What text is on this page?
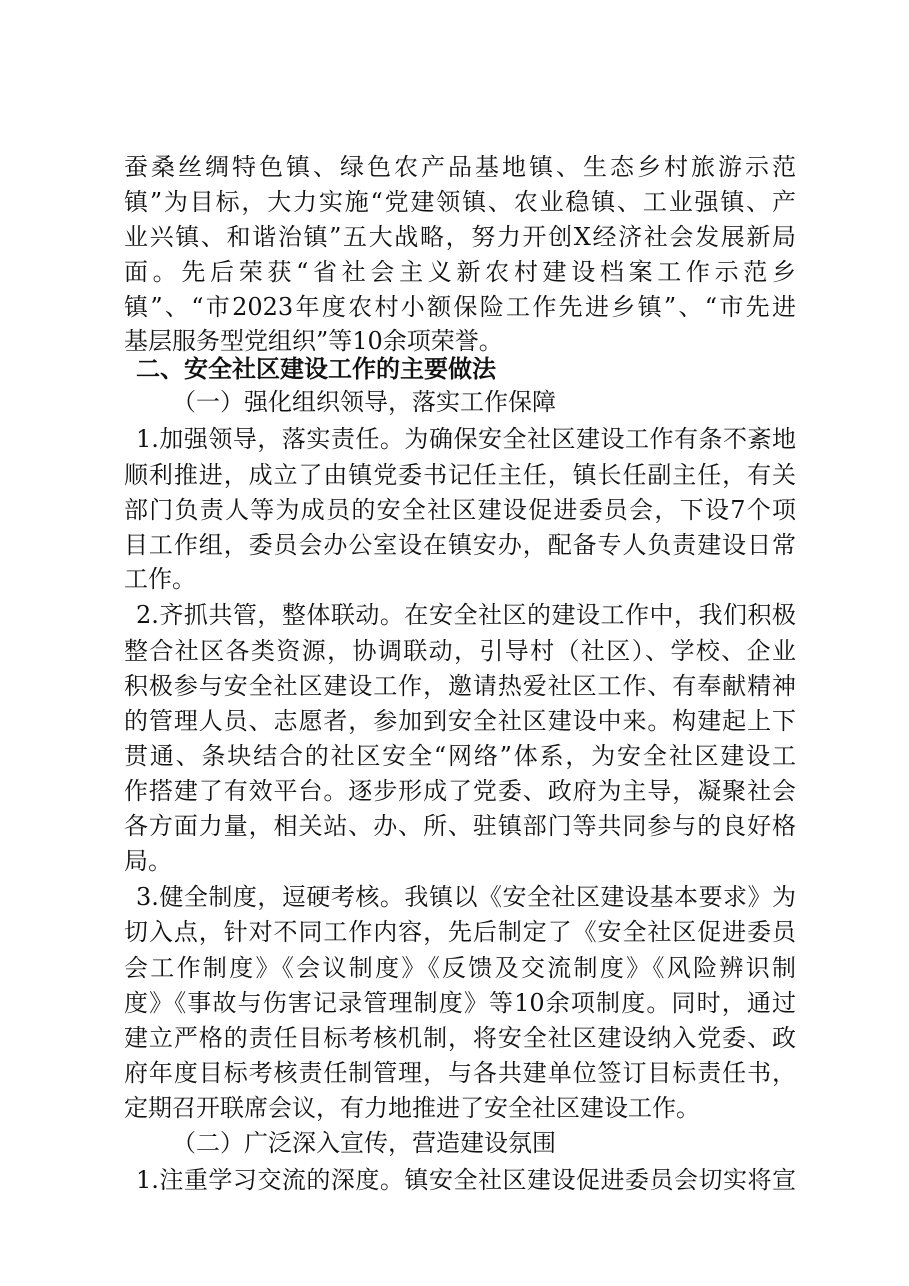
蚕桑丝绸特色镇、绿色农产品基地镇、生态乡村旅游示范
镇”为目标，大力实施“党建领镇、农业稳镇、工业强镇、产
业兴镇、和谐治镇”五大战略，努力开创X经济社会发展新局
面。先后荣获“省社会主义新农村建设档案工作示范乡
镇”、“市2023年度农村小额保险工作先进乡镇”、“市先进
基层服务型党组织”等10余项荣誉。
二、安全社区建设工作的主要做法
（一）强化组织领导，落实工作保障
1.加强领导，落实责任。为确保安全社区建设工作有条不紊地
顺利推进，成立了由镇党委书记任主任，镇长任副主任，有关
部门负责人等为成员的安全社区建设促进委员会，下设7个项
目工作组，委员会办公室设在镇安办，配备专人负责建设日常
工作。
2.齐抓共管，整体联动。在安全社区的建设工作中，我们积极
整合社区各类资源，协调联动，引导村（社区）、学校、企业
积极参与安全社区建设工作，邀请热爱社区工作、有奉献精神
的管理人员、志愿者，参加到安全社区建设中来。构建起上下
贯通、条块结合的社区安全“网络”体系，为安全社区建设工
作搭建了有效平台。逐步形成了党委、政府为主导，凝聚社会
各方面力量，相关站、办、所、驻镇部门等共同参与的良好格
局。
3.健全制度，逗硬考核。我镇以《安全社区建设基本要求》为
切入点，针对不同工作内容，先后制定了《安全社区促进委员
会工作制度》《会议制度》《反馈及交流制度》《风险辨识制
度》《事故与伤害记录管理制度》等10余项制度。同时，通过
建立严格的责任目标考核机制，将安全社区建设纳入党委、政
府年度目标考核责任制管理，与各共建单位签订目标责任书，
定期召开联席会议，有力地推进了安全社区建设工作。
（二）广泛深入宣传，营造建设氛围
1.注重学习交流的深度。镇安全社区建设促进委员会切实将宣
